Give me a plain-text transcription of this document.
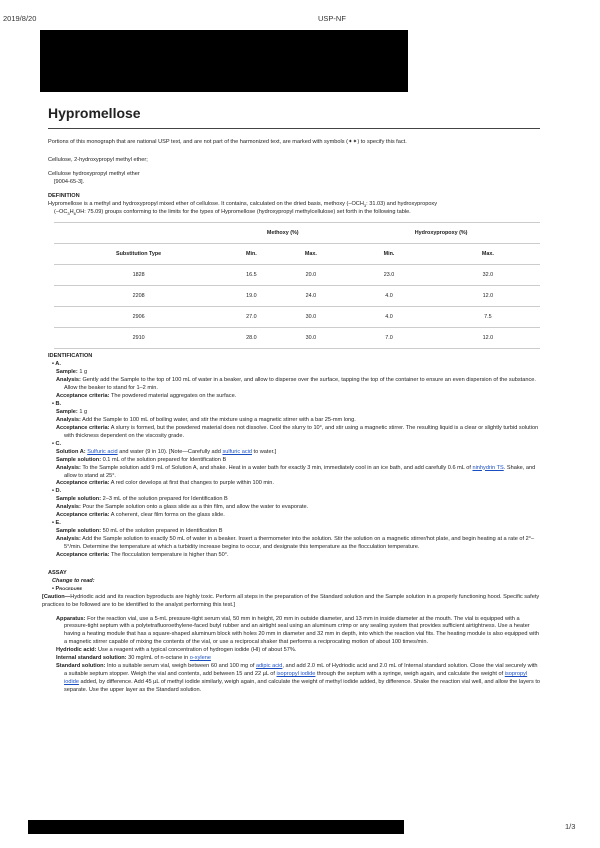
2019/8/20	USP-NF
Hypromellose

Portions of this monograph that are national USP text, and are not part of the harmonized text, are marked with symbols (✦✦) to specify this fact.

Cellulose, 2-hydroxypropyl methyl ether;

Cellulose hydroxypropyl methyl ether

[9004-65-3].

DEFINITION

Hypromellose is a methyl and hydroxypropyl mixed ether of cellulose. It contains, calculated on the dried basis, methoxy ($-OCH_3$: 31.03) and hydroxypropoxy
($-OC_3H_6OH$: 75.09) groups conforming to the limits for the types of Hypromellose (hydroxypropyl methylcellulose) set forth in the following table.

	Methoxy (%)		Hydroxypropoxy (%)	
Substitution Type	Min.	Max.	Min.	Max.
1828	16.5	20.0	23.0	32.0
2208	19.0	24.0	4.0	12.0
2906	27.0	30.0	4.0	7.5
2910	28.0	30.0	7.0	12.0

IDENTIFICATION

• A.

Sample: 1 g

Analysis: Gently add the Sample to the top of 100 mL of water in a beaker, and allow to disperse over the surface, tapping the top of the container to ensure an even dispersion of the substance. Allow the beaker to stand for 1–2 min.

Acceptance criteria: The powdered material aggregates on the surface.

• B.

Sample: 1 g

Analysis: Add the Sample to 100 mL of boiling water, and stir the mixture using a magnetic stirrer with a bar 25-mm long.

Acceptance criteria: A slurry is formed, but the powdered material does not dissolve. Cool the slurry to 10°, and stir using a magnetic stirrer. The resulting liquid is a clear or slightly turbid solution with thickness dependent on the viscosity grade.

• C.

Solution A: Sulfuric acid and water (9 in 10). [Note—Carefully add sulfuric acid to water.]

Sample solution: 0.1 mL of the solution prepared for Identification B

Analysis: To the Sample solution add 9 mL of Solution A, and shake. Heat in a water bath for exactly 3 min, immediately cool in an ice bath, and add carefully 0.6 mL of ninhydrin TS. Shake, and allow to stand at 25°.

Acceptance criteria: A red color develops at first that changes to purple within 100 min.

• D.

Sample solution: 2–3 mL of the solution prepared for Identification B

Analysis: Pour the Sample solution onto a glass slide as a thin film, and allow the water to evaporate.

Acceptance criteria: A coherent, clear film forms on the glass slide.

• E.

Sample solution: 50 mL of the solution prepared in Identification B

Analysis: Add the Sample solution to exactly 50 mL of water in a beaker. Insert a thermometer into the solution. Stir the solution on a magnetic stirrer/hot plate, and begin heating at a rate of 2°–5°/min. Determine the temperature at which a turbidity increase begins to occur, and designate this temperature as the flocculation temperature.

Acceptance criteria: The flocculation temperature is higher than 50°.

ASSAY

Change to read:

• Procedure

[Caution—Hydriodic acid and its reaction byproducts are highly toxic. Perform all steps in the preparation of the Standard solution and the Sample solution in a properly functioning hood. Specific safety practices to be followed are to be identified to the analyst performing this test.]

Apparatus: For the reaction vial, use a 5-mL pressure-tight serum vial, 50 mm in height, 20 mm in outside diameter, and 13 mm in inside diameter at the mouth. The vial is equipped with a pressure-tight septum with a polytetrafluoroethylene-faced butyl rubber and an airtight seal using an aluminum crimp or any sealing system that provides sufficient airtightness. Use a heater having a heating module that has a square-shaped aluminum block with holes 20 mm in diameter and 32 mm in depth, into which the reaction vial fits. The heating module is also equipped with a magnetic stirrer capable of mixing the contents of the vial, or use a reciprocal shaker that performs a reciprocating motion of about 100 times/min.

Hydriodic acid: Use a reagent with a typical concentration of hydrogen iodide (HI) of about 57%.

Internal standard solution: 30 mg/mL of n-octane in o-xylene

Standard solution: Into a suitable serum vial, weigh between 60 and 100 mg of adipic acid, and add 2.0 mL of Hydriodic acid and 2.0 mL of Internal standard solution. Close the vial securely with a suitable septum stopper. Weigh the vial and contents, add between 15 and 22 µL of isopropyl iodide through the septum with a syringe, weigh again, and calculate the weight of isopropyl iodide added, by difference. Add 45 µL of methyl iodide similarly, weigh again, and calculate the weight of methyl iodide added, by difference. Shake the reaction vial well, and allow the layers to separate. Use the upper layer as the Standard solution.

1/3
